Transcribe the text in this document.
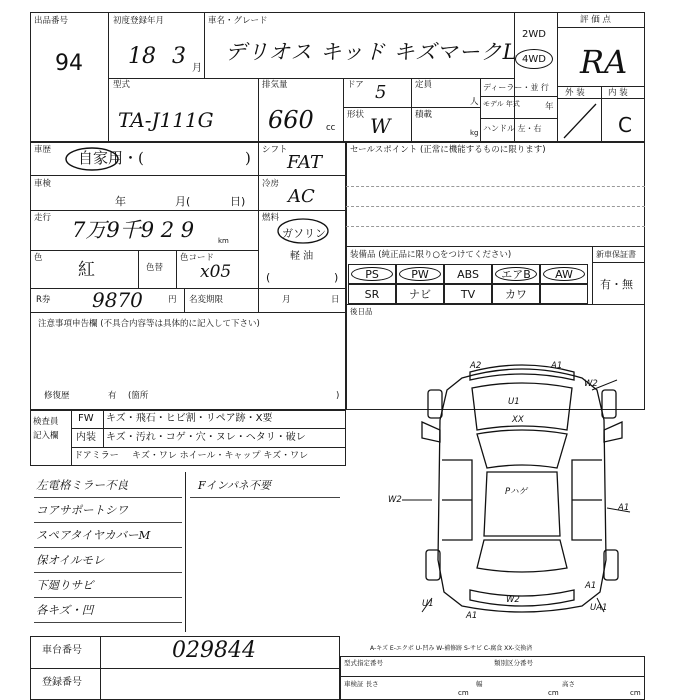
出品番号
94
初度登録年月
18 3 月
車名・グレード
デリオス キッド キズマークL
2WD
4WD
評 価 点
RA
外 装	内 装
C
型式
TA-J111G
排気量
660 cc
ドア 5	定員
人
形状 W	積載
kg
ディーラー・並 行
モデル 年式	年
ハンドル 左・右
車歴 自家用・(	)
車検
年	月(	日)
走行 7万9千9 2 9	km
色
紅	色替
色コード
x05
R券 9870	円 名変期限	月	日
注意事項申告欄 (不具合内容等は具体的に記入して下さい)
修復歴	有 (箇所	)
シフト
FAT
冷房
AC
燃料
ガソリン
軽 油
(	)
セールスポイント (正常に機能するものに限ります)
装備品 (純正品に限り○をつけてください)	新車保証書
有・無
PS	PW	ABS	エアB	AW
SR	ナビ	TV	カワ
後日品
検査員
記入欄
FW キズ・飛石・ヒビ割・リペア跡・X要
内装 キズ・汚れ・コゲ・穴・ヌレ・ヘタリ・破レ
ドアミラー キズ・ワレ ホイール・キャップ キズ・ワレ
左電格ミラー不良
コアサポートシワ
スペアタイヤカバーM
保オイルモレ
下廻りサビ
各キズ・凹
Fインパネ不要
A2	A1
W2
U1
XX
W2
A1
Pハゲ
U1	W2
A1
UA1
A1
A-キズ E-エクボ U-凹み W-補修跡 S-サビ C-腐食 XX-交換済
車台番号	029844
登録番号
型式指定番号	類別区分番号
車検証 長さ
cm
幅
cm
高さ
cm
